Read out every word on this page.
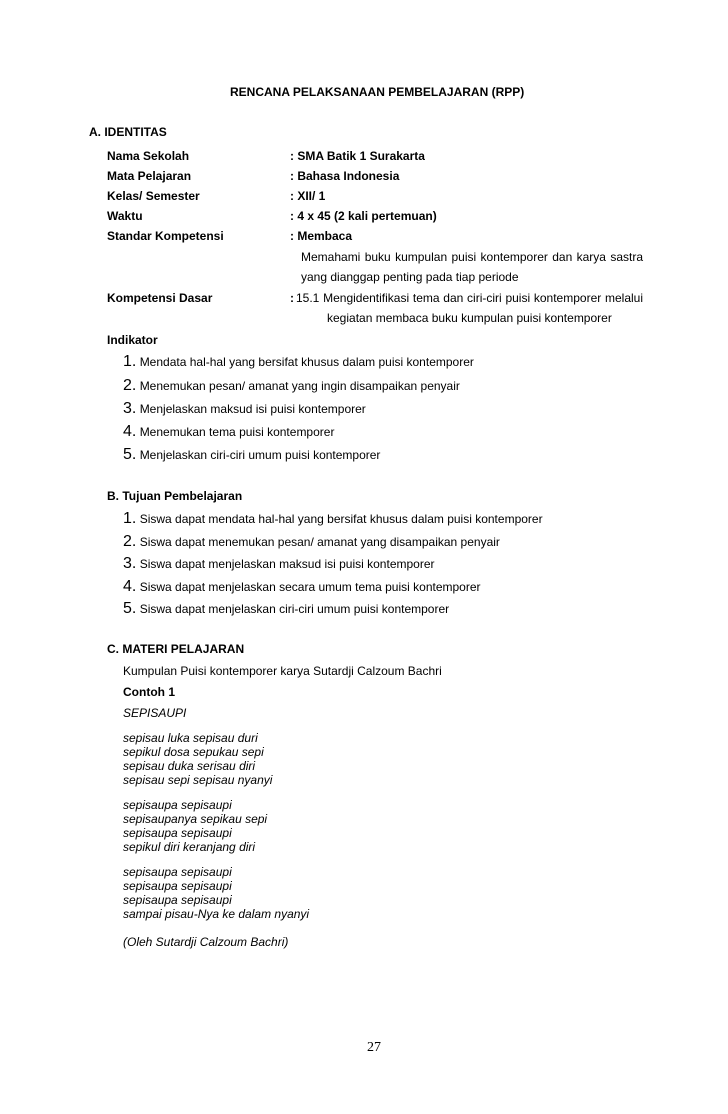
RENCANA PELAKSANAAN PEMBELAJARAN (RPP)
A. IDENTITAS
Nama Sekolah	: SMA Batik 1 Surakarta
Mata Pelajaran	: Bahasa Indonesia
Kelas/ Semester	: XII/ 1
Waktu	: 4 x 45 (2 kali pertemuan)
Standar Kompetensi	: Membaca
Memahami buku kumpulan puisi kontemporer dan karya sastra
yang dianggap penting pada tiap periode
Kompetensi Dasar	: 15.1 Mengidentifikasi tema dan ciri-ciri puisi kontemporer melalui
kegiatan membaca buku kumpulan puisi kontemporer
Indikator
1. Mendata hal-hal yang bersifat khusus dalam puisi kontemporer
2. Menemukan pesan/ amanat yang ingin disampaikan penyair
3. Menjelaskan maksud isi puisi kontemporer
4. Menemukan tema puisi kontemporer
5. Menjelaskan ciri-ciri umum puisi kontemporer
B. Tujuan Pembelajaran
1. Siswa dapat mendata hal-hal yang bersifat khusus dalam puisi kontemporer
2. Siswa dapat menemukan pesan/ amanat yang disampaikan penyair
3. Siswa dapat menjelaskan maksud isi puisi kontemporer
4. Siswa dapat menjelaskan secara umum tema puisi kontemporer
5. Siswa dapat menjelaskan ciri-ciri umum puisi kontemporer
C. MATERI PELAJARAN
Kumpulan Puisi kontemporer karya Sutardji Calzoum Bachri
Contoh 1
SEPISAUPI
sepisau luka sepisau duri
sepikul dosa sepukau sepi
sepisau duka serisau diri
sepisau sepi sepisau nyanyi
sepisaupa sepisaupi
sepisaupanya sepikau sepi
sepisaupa sepisaupi
sepikul diri keranjang diri
sepisaupa sepisaupi
sepisaupa sepisaupi
sepisaupa sepisaupi
sampai pisau-Nya ke dalam nyanyi
(Oleh Sutardji Calzoum Bachri)
27
